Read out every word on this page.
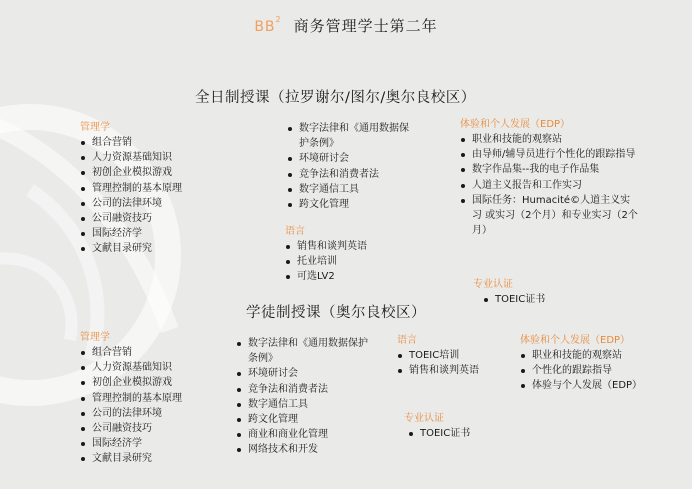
$BB^2$ 商务管理学士第二年
全日制授课（拉罗谢尔/图尔/奥尔良校区）
管理学
组合营销
人力资源基础知识
初创企业模拟游戏
管理控制的基本原理
公司的法律环境
公司融资技巧
国际经济学
文献目录研究
数字法律和《通用数据保护条例》
环境研讨会
竞争法和消费者法
数字通信工具
跨文化管理
语言
销售和谈判英语
托业培训
可选LV2
体验和个人发展（EDP）
职业和技能的观察站
由导师/辅导员进行个性化的跟踪指导
数字作品集--我的电子作品集
人道主义报告和工作实习
国际任务：Humacité©人道主义实习 或实习（2个月）和专业实习（2个月）
专业认证
TOEIC证书
学徒制授课（奥尔良校区）
管理学
组合营销
人力资源基础知识
初创企业模拟游戏
管理控制的基本原理
公司的法律环境
公司融资技巧
国际经济学
文献目录研究
数字法律和《通用数据保护条例》
环境研讨会
竞争法和消费者法
数字通信工具
跨文化管理
商业和商业化管理
网络技术和开发
语言
TOEIC培训
销售和谈判英语
专业认证
TOEIC证书
体验和个人发展（EDP）
职业和技能的观察站
个性化的跟踪指导
体验与个人发展（EDP）
